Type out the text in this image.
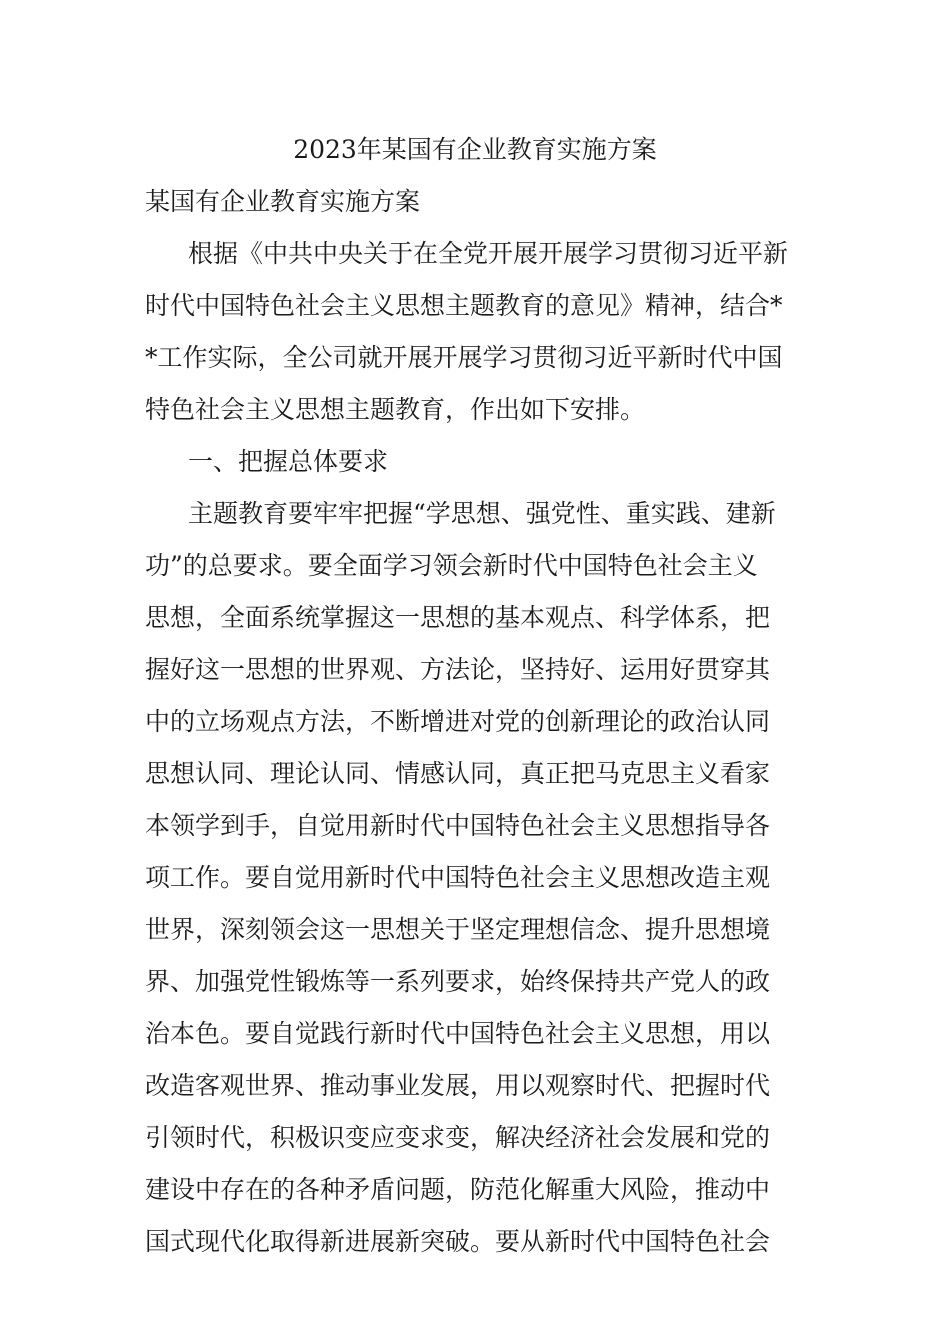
2023年某国有企业教育实施方案

某国有企业教育实施方案

根据《中共中央关于在全党开展开展学习贯彻习近平新

时代中国特色社会主义思想主题教育的意见》精神，结合*

*工作实际，全公司就开展开展学习贯彻习近平新时代中国

特色社会主义思想主题教育，作出如下安排。

一、把握总体要求

主题教育要牢牢把握“学思想、强党性、重实践、建新

功”的总要求。要全面学习领会新时代中国特色社会主义

思想，全面系统掌握这一思想的基本观点、科学体系，把

握好这一思想的世界观、方法论，坚持好、运用好贯穿其

中的立场观点方法，不断增进对党的创新理论的政治认同

思想认同、理论认同、情感认同，真正把马克思主义看家

本领学到手，自觉用新时代中国特色社会主义思想指导各

项工作。要自觉用新时代中国特色社会主义思想改造主观

世界，深刻领会这一思想关于坚定理想信念、提升思想境

界、加强党性锻炼等一系列要求，始终保持共产党人的政

治本色。要自觉践行新时代中国特色社会主义思想，用以

改造客观世界、推动事业发展，用以观察时代、把握时代

引领时代，积极识变应变求变，解决经济社会发展和党的

建设中存在的各种矛盾问题，防范化解重大风险，推动中

国式现代化取得新进展新突破。要从新时代中国特色社会
